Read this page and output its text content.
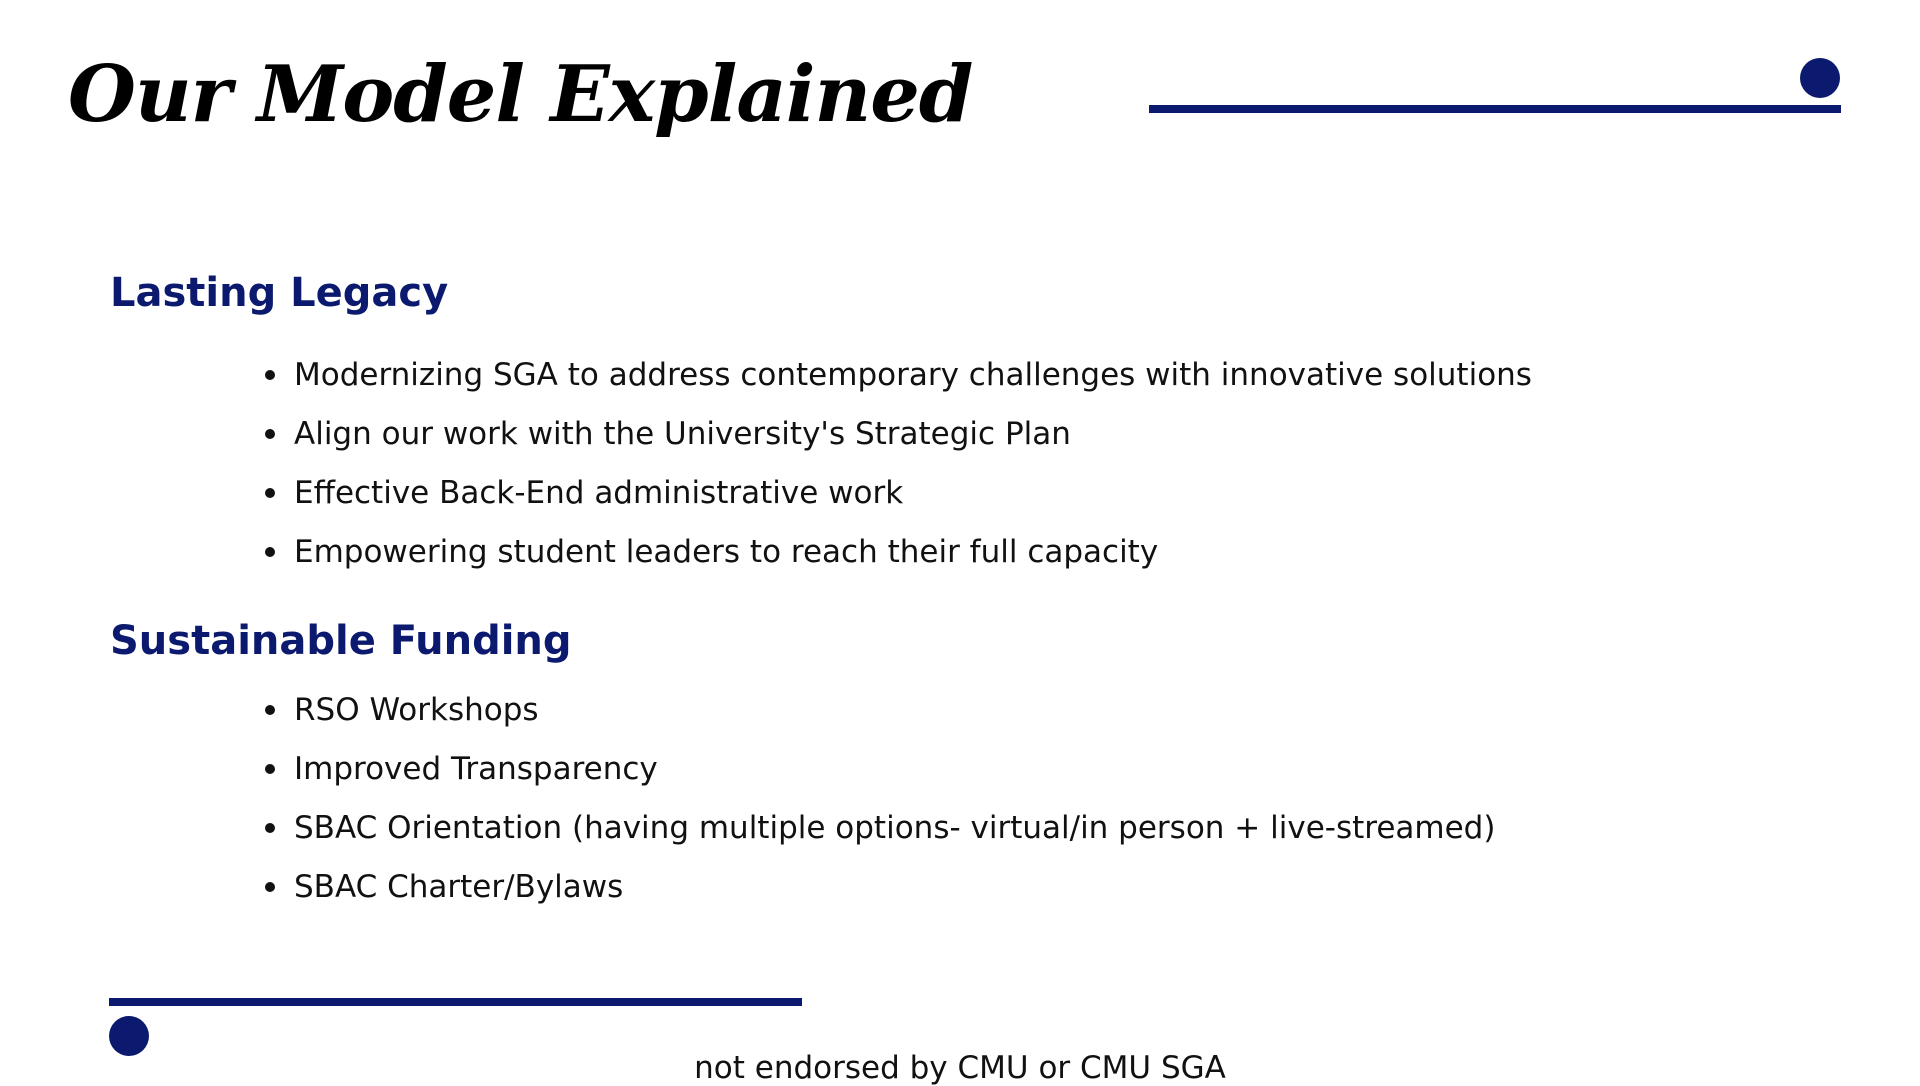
Our Model Explained
Lasting Legacy
Modernizing SGA to address contemporary challenges with innovative solutions
Align our work with the University's Strategic Plan
Effective Back-End administrative work
Empowering student leaders to reach their full capacity
Sustainable Funding
RSO Workshops
Improved Transparency
SBAC Orientation (having multiple options- virtual/in person + live-streamed)
SBAC Charter/Bylaws
not endorsed by CMU or CMU SGA
